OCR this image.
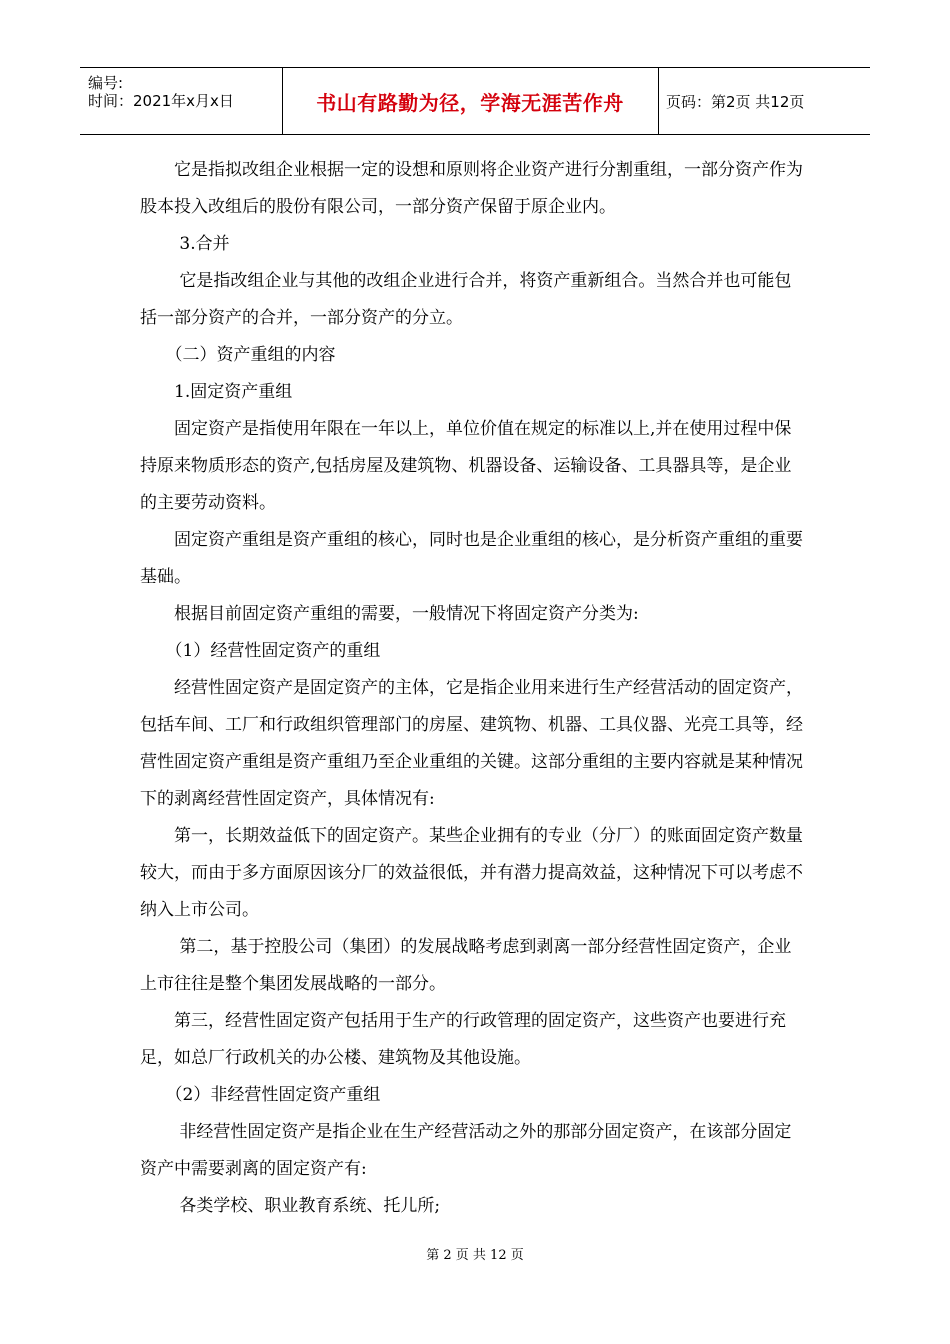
编号:
时间：2021年x月x日	书山有路勤为径，学海无涯苦作舟	页码：第2页 共12页

　　它是指拟改组企业根据一定的设想和原则将企业资产进行分割重组，一部分资产作为股本投入改组后的股份有限公司，一部分资产保留于原企业内。

　　 3.合并

　　 它是指改组企业与其他的改组企业进行合并，将资产重新组合。当然合并也可能包括一部分资产的合并，一部分资产的分立。

　　（二）资产重组的内容

　　1.固定资产重组

　　固定资产是指使用年限在一年以上，单位价值在规定的标准以上,并在使用过程中保持原来物质形态的资产,包括房屋及建筑物、机器设备、运输设备、工具器具等，是企业的主要劳动资料。

　　固定资产重组是资产重组的核心，同时也是企业重组的核心，是分析资产重组的重要基础。

　　根据目前固定资产重组的需要，一般情况下将固定资产分类为:

　　（1）经营性固定资产的重组

　　经营性固定资产是固定资产的主体，它是指企业用来进行生产经营活动的固定资产，包括车间、工厂和行政组织管理部门的房屋、建筑物、机器、工具仪器、光亮工具等，经营性固定资产重组是资产重组乃至企业重组的关键。这部分重组的主要内容就是某种情况下的剥离经营性固定资产，具体情况有:

　　第一，长期效益低下的固定资产。某些企业拥有的专业（分厂）的账面固定资产数量较大，而由于多方面原因该分厂的效益很低，并有潜力提高效益，这种情况下可以考虑不纳入上市公司。

　　 第二，基于控股公司（集团）的发展战略考虑到剥离一部分经营性固定资产，企业上市往往是整个集团发展战略的一部分。

　　第三，经营性固定资产包括用于生产的行政管理的固定资产，这些资产也要进行充足，如总厂行政机关的办公楼、建筑物及其他设施。

　　（2）非经营性固定资产重组

　　 非经营性固定资产是指企业在生产经营活动之外的那部分固定资产，在该部分固定资产中需要剥离的固定资产有:

　　 各类学校、职业教育系统、托儿所;

第 2 页 共 12 页
